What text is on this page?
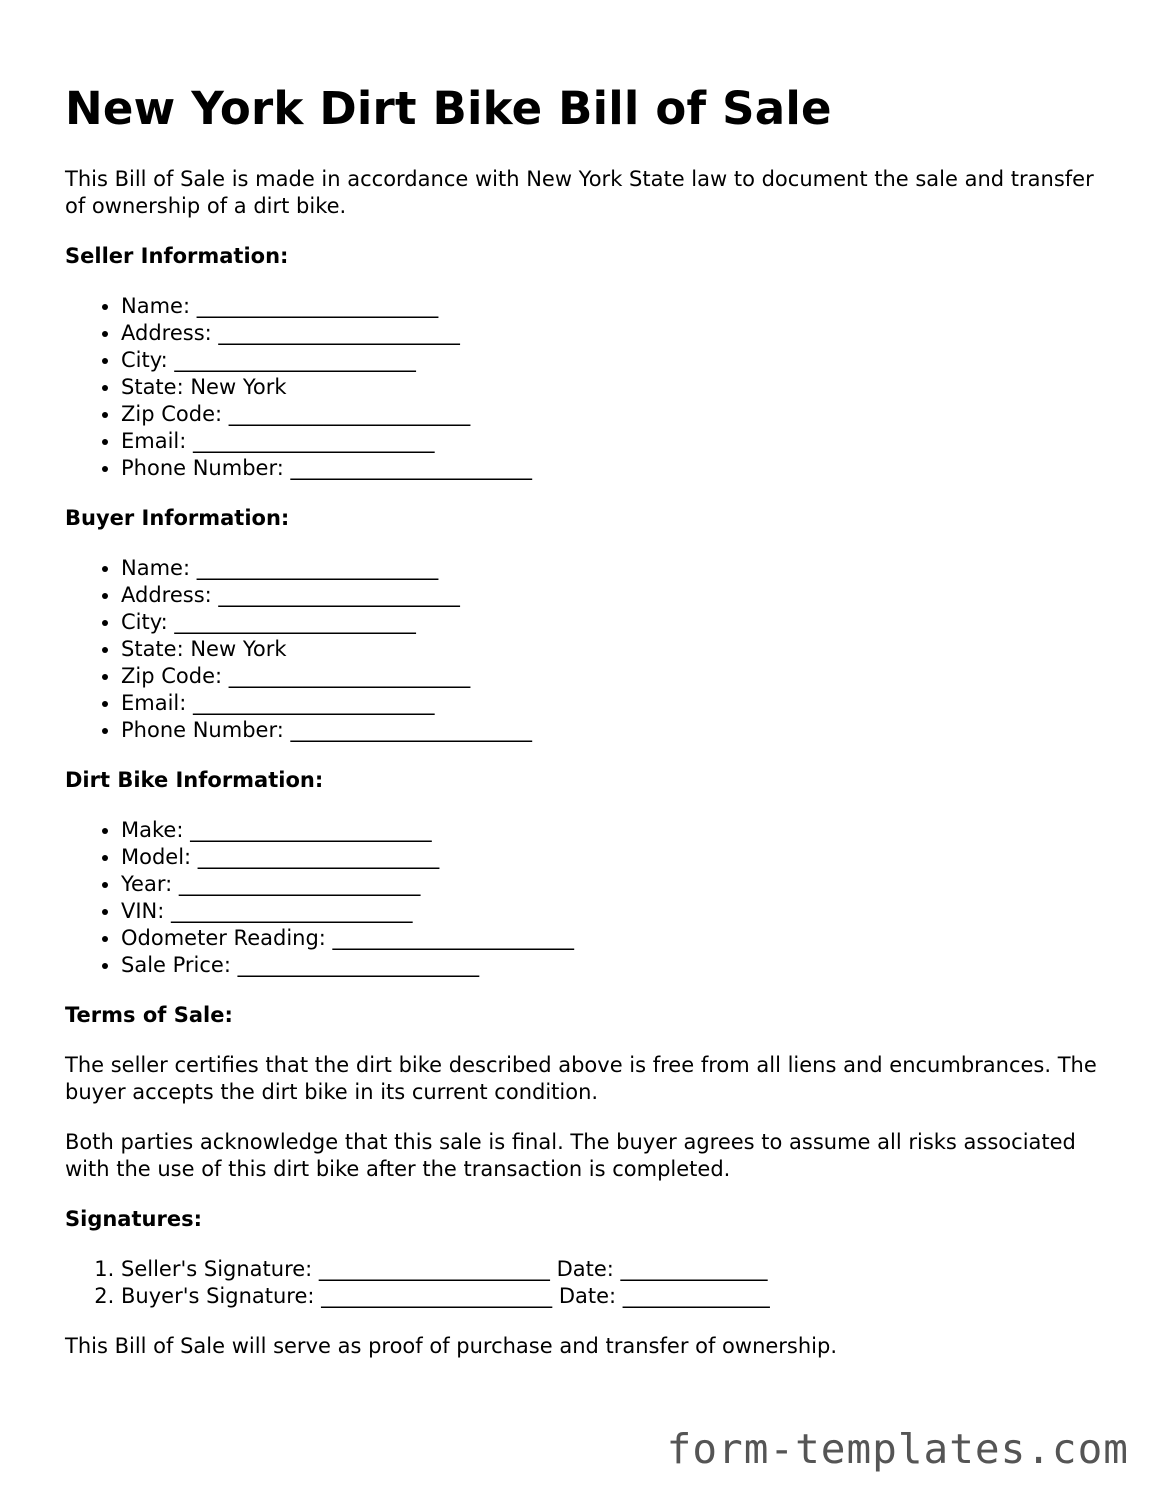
New York Dirt Bike Bill of Sale

This Bill of Sale is made in accordance with New York State law to document the sale and transfer of ownership of a dirt bike.

Seller Information:
• Name: _______________________
• Address: _______________________
• City: _______________________
• State: New York
• Zip Code: _______________________
• Email: _______________________
• Phone Number: _______________________
Buyer Information:
• Name: _______________________
• Address: _______________________
• City: _______________________
• State: New York
• Zip Code: _______________________
• Email: _______________________
• Phone Number: _______________________
Dirt Bike Information:
• Make: _______________________
• Model: _______________________
• Year: _______________________
• VIN: _______________________
• Odometer Reading: _______________________
• Sale Price: _______________________
Terms of Sale:

The seller certifies that the dirt bike described above is free from all liens and encumbrances. The buyer accepts the dirt bike in its current condition.

Both parties acknowledge that this sale is final. The buyer agrees to assume all risks associated with the use of this dirt bike after the transaction is completed.

Signatures:
1. Seller's Signature: ______________________ Date: ______________
2. Buyer's Signature: ______________________ Date: ______________

This Bill of Sale will serve as proof of purchase and transfer of ownership.

form-templates.com
